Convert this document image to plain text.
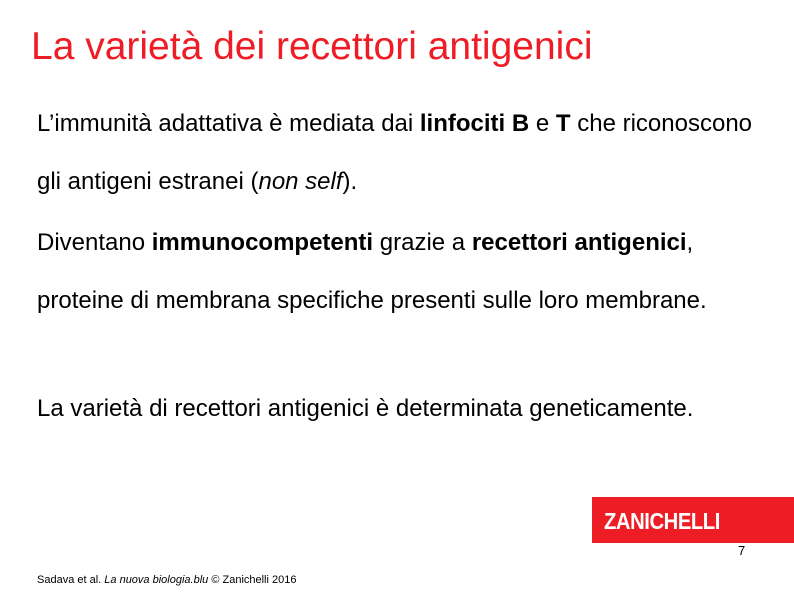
La varietà dei recettori antigenici
L’immunità adattativa è mediata dai linfociti B e T che riconoscono gli antigeni estranei (non self).
Diventano immunocompetenti grazie a recettori antigenici, proteine di membrana specifiche presenti sulle loro membrane.
La varietà di recettori antigenici è determinata geneticamente.
ZANICHELLI
7
Sadava et al. La nuova biologia.blu © Zanichelli 2016
